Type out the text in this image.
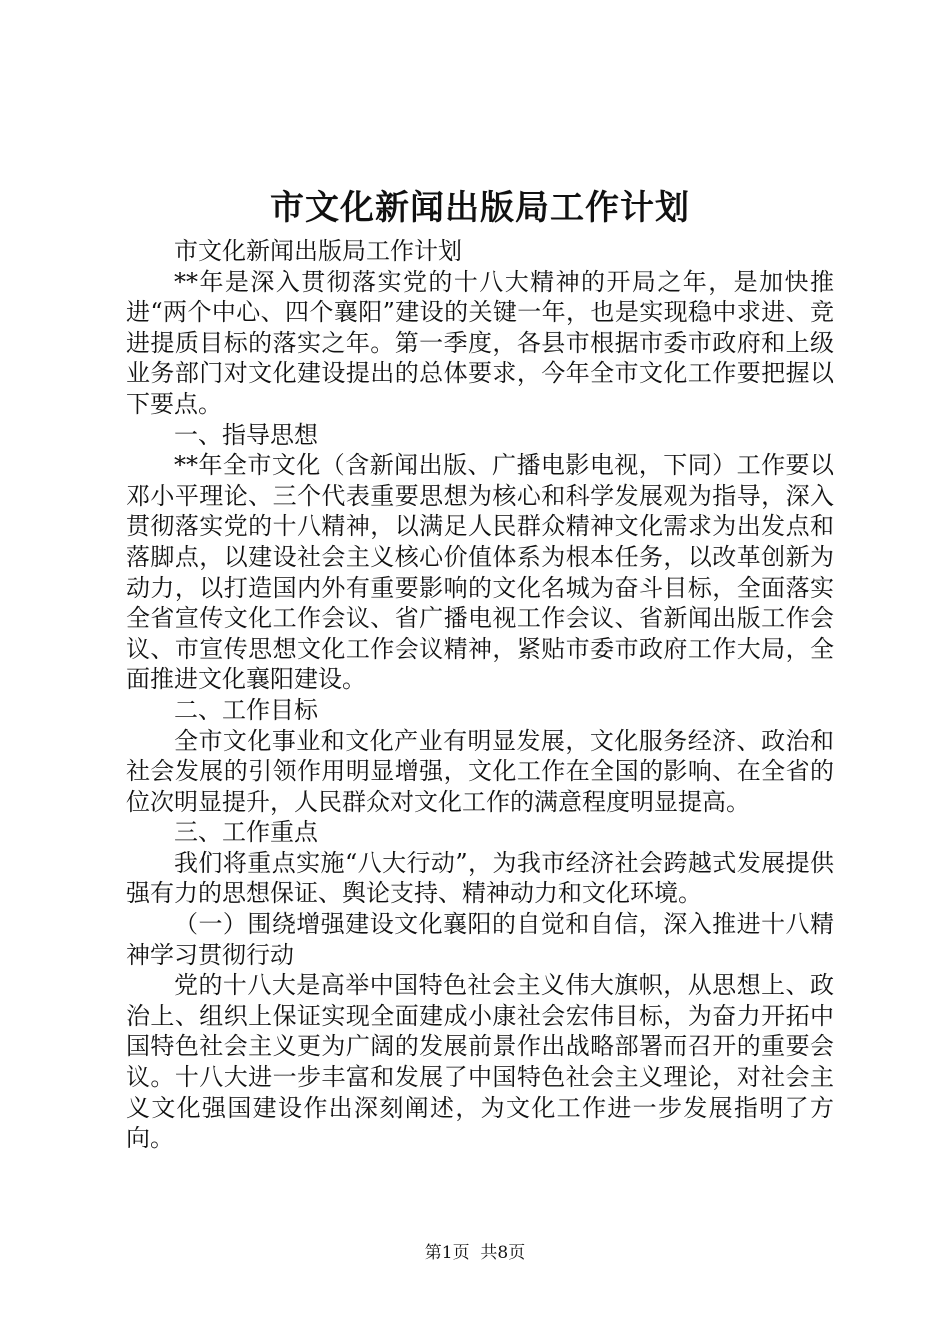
市文化新闻出版局工作计划

市文化新闻出版局工作计划

**年是深入贯彻落实党的十八大精神的开局之年，是加快推进“两个中心、四个襄阳”建设的关键一年，也是实现稳中求进、竞进提质目标的落实之年。第一季度，各县市根据市委市政府和上级业务部门对文化建设提出的总体要求，今年全市文化工作要把握以下要点。

一、指导思想

**年全市文化（含新闻出版、广播电影电视，下同）工作要以邓小平理论、三个代表重要思想为核心和科学发展观为指导，深入贯彻落实党的十八精神，以满足人民群众精神文化需求为出发点和落脚点，以建设社会主义核心价值体系为根本任务，以改革创新为动力，以打造国内外有重要影响的文化名城为奋斗目标，全面落实全省宣传文化工作会议、省广播电视工作会议、省新闻出版工作会议、市宣传思想文化工作会议精神，紧贴市委市政府工作大局，全面推进文化襄阳建设。

二、工作目标

全市文化事业和文化产业有明显发展，文化服务经济、政治和社会发展的引领作用明显增强，文化工作在全国的影响、在全省的位次明显提升，人民群众对文化工作的满意程度明显提高。

三、工作重点

我们将重点实施“八大行动”，为我市经济社会跨越式发展提供强有力的思想保证、舆论支持、精神动力和文化环境。

（一）围绕增强建设文化襄阳的自觉和自信，深入推进十八精神学习贯彻行动

党的十八大是高举中国特色社会主义伟大旗帜，从思想上、政治上、组织上保证实现全面建成小康社会宏伟目标，为奋力开拓中国特色社会主义更为广阔的发展前景作出战略部署而召开的重要会议。十八大进一步丰富和发展了中国特色社会主义理论，对社会主义文化强国建设作出深刻阐述，为文化工作进一步发展指明了方向。

第1页 共8页
